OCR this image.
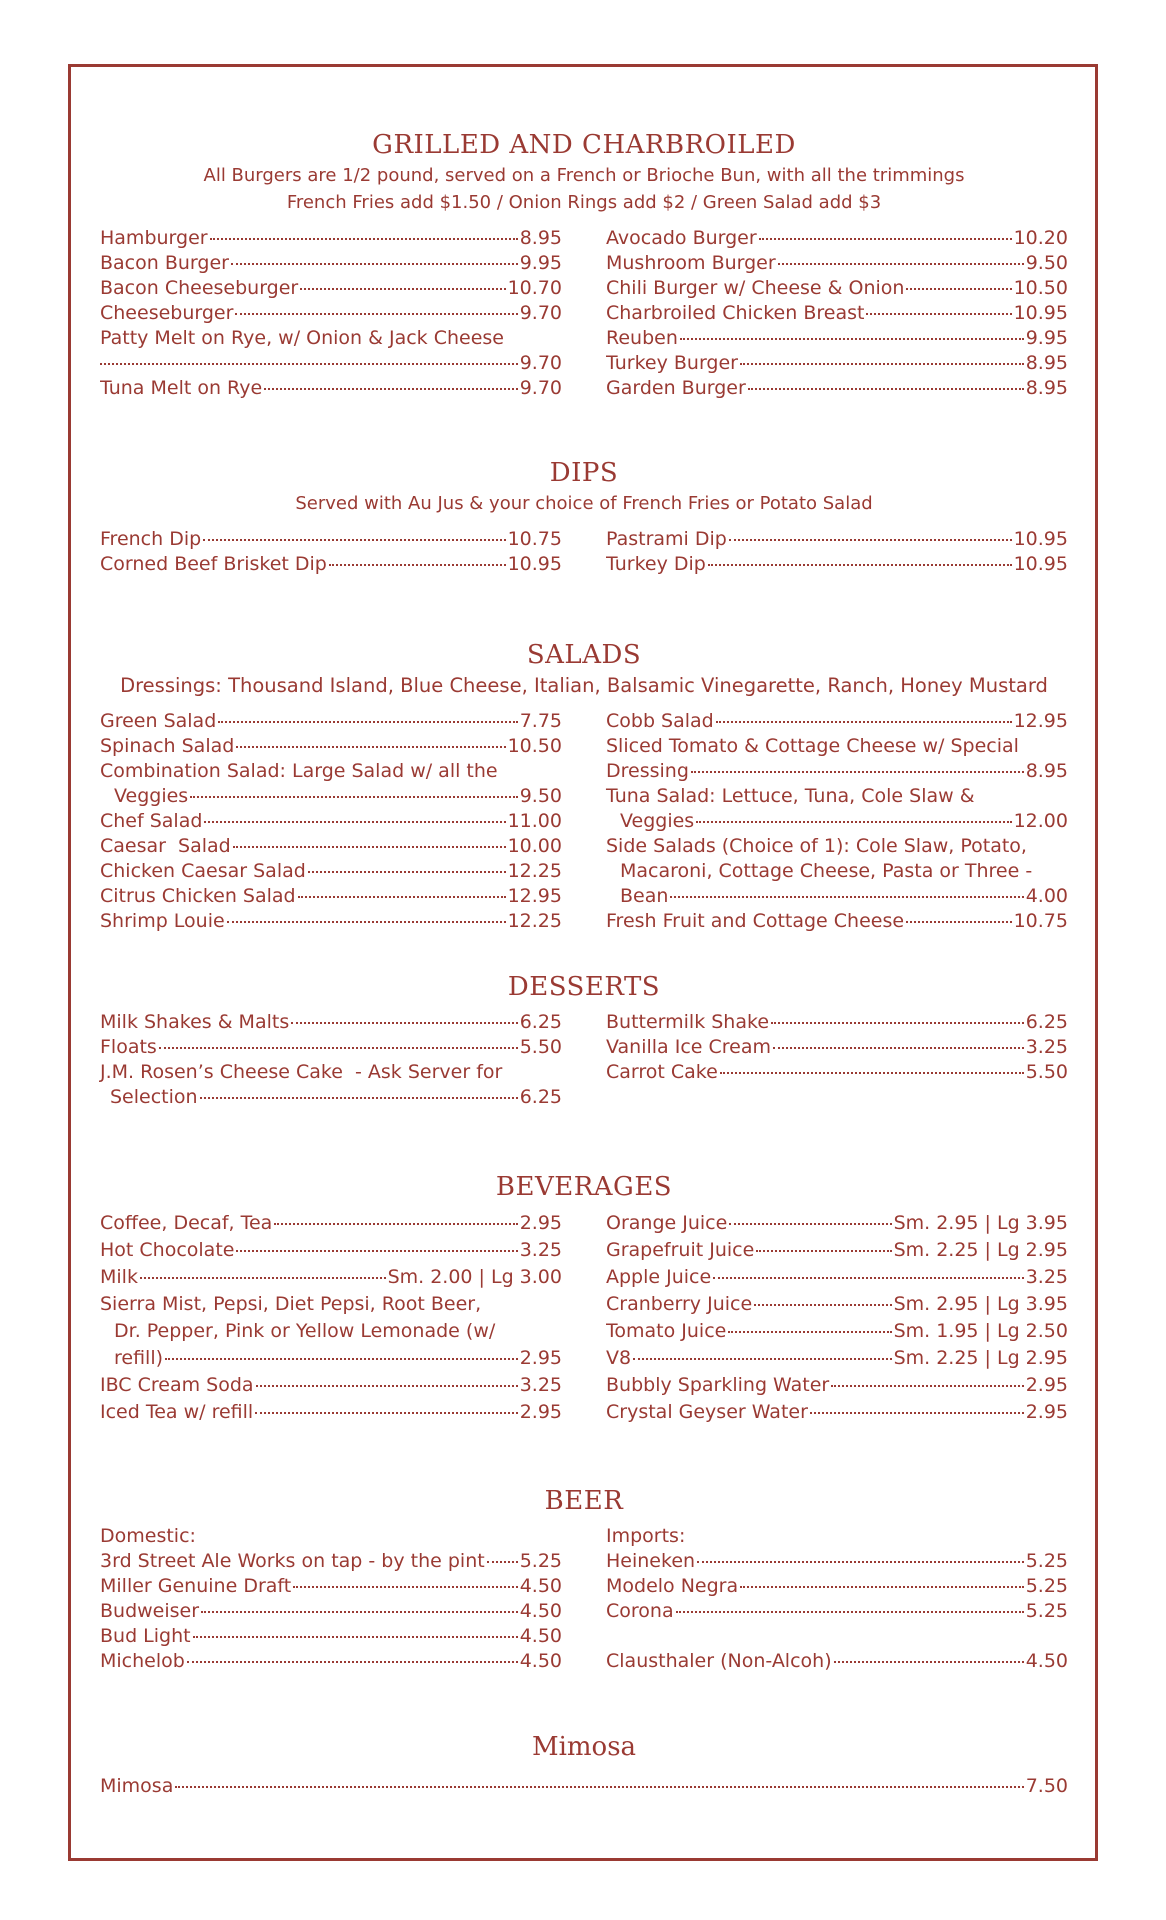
GRILLED AND CHARBROILED
All Burgers are 1/2 pound, served on a French or Brioche Bun, with all the trimmings
French Fries add $1.50 / Onion Rings add $2 / Green Salad add $3
Hamburger	8.95
Bacon Burger	9.95
Bacon Cheeseburger	10.70
Cheeseburger	9.70
Patty Melt on Rye, w/ Onion & Jack Cheese
9.70
Tuna Melt on Rye	9.70
Avocado Burger	10.20
Mushroom Burger	9.50
Chili Burger w/ Cheese & Onion	10.50
Charbroiled Chicken Breast	10.95
Reuben	9.95
Turkey Burger	8.95
Garden Burger	8.95
DIPS
Served with Au Jus & your choice of French Fries or Potato Salad
French Dip	10.75
Corned Beef Brisket Dip	10.95
Pastrami Dip	10.95
Turkey Dip	10.95
SALADS
Dressings: Thousand Island, Blue Cheese, Italian, Balsamic Vinegarette, Ranch, Honey Mustard
Green Salad	7.75
Spinach Salad	10.50
Combination Salad: Large Salad w/ all the
Veggies	9.50
Chef Salad	11.00
Caesar  Salad	10.00
Chicken Caesar Salad	12.25
Citrus Chicken Salad	12.95
Shrimp Louie	12.25
Cobb Salad	12.95
Sliced Tomato & Cottage Cheese w/ Special
Dressing	8.95
Tuna Salad: Lettuce, Tuna, Cole Slaw &
Veggies	12.00
Side Salads (Choice of 1): Cole Slaw, Potato,
Macaroni, Cottage Cheese, Pasta or Three -
Bean	4.00
Fresh Fruit and Cottage Cheese	10.75
DESSERTS
Milk Shakes & Malts	6.25
Floats	5.50
J.M. Rosen’s Cheese Cake  - Ask Server for
Selection	6.25
Buttermilk Shake	6.25
Vanilla Ice Cream	3.25
Carrot Cake	5.50
BEVERAGES
Coffee, Decaf, Tea	2.95
Hot Chocolate	3.25
Milk	Sm. 2.00 | Lg 3.00
Sierra Mist, Pepsi, Diet Pepsi, Root Beer,
Dr. Pepper, Pink or Yellow Lemonade (w/
refill)	2.95
IBC Cream Soda	3.25
Iced Tea w/ refill	2.95
Orange Juice	Sm. 2.95 | Lg 3.95
Grapefruit Juice	Sm. 2.25 | Lg 2.95
Apple Juice	3.25
Cranberry Juice	Sm. 2.95 | Lg 3.95
Tomato Juice	Sm. 1.95 | Lg 2.50
V8	Sm. 2.25 | Lg 2.95
Bubbly Sparkling Water	2.95
Crystal Geyser Water	2.95
BEER
Domestic:
3rd Street Ale Works on tap - by the pint 5.25
Miller Genuine Draft	4.50
Budweiser	4.50
Bud Light	4.50
Michelob	4.50
Imports:
Heineken	5.25
Modelo Negra	5.25
Corona	5.25
Clausthaler (Non-Alcoh)	4.50
Mimosa
Mimosa	7.50
